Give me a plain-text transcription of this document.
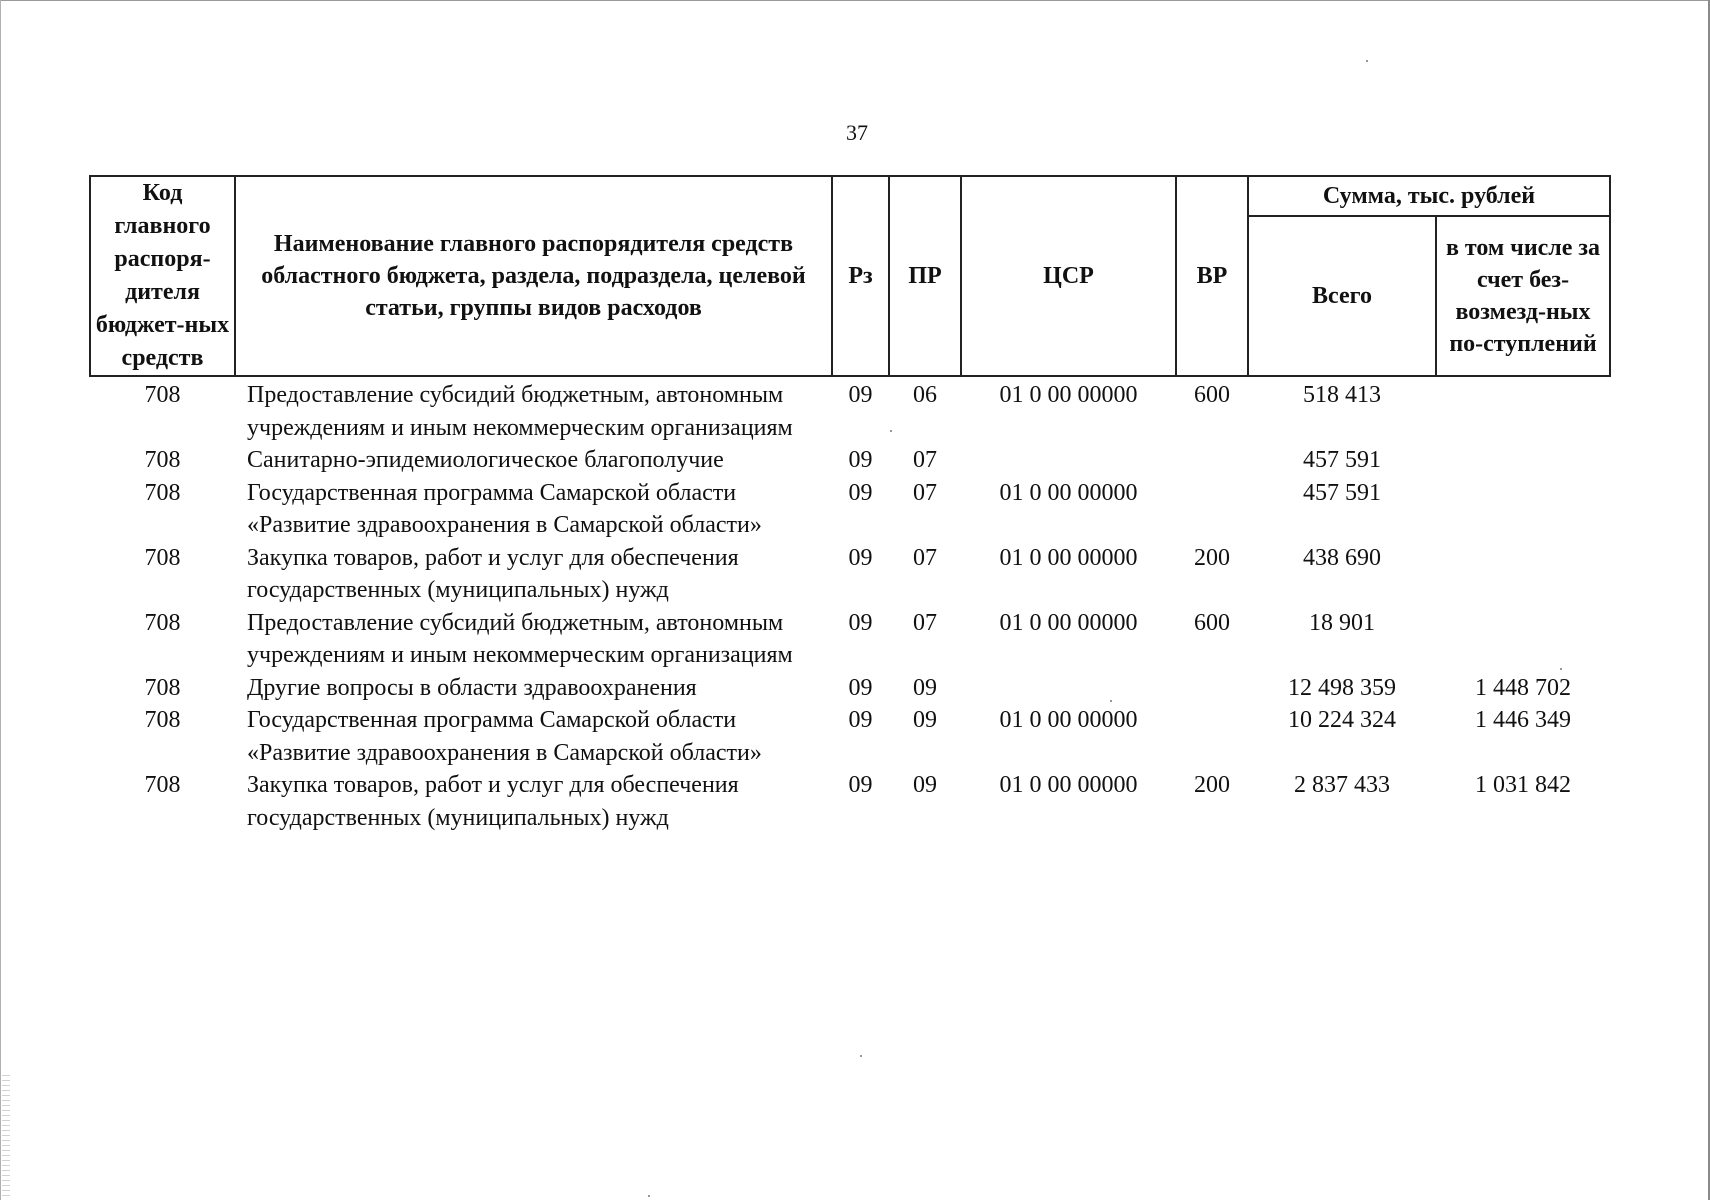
37
Код главного распоря-дителя бюджет-ных средств	Наименование главного распорядителя средств областного бюджета, раздела, подраздела, целевой статьи, группы видов расходов	Рз	ПР	ЦСР	ВР	Сумма, тыс. рублей	
						Всего	в том числе за счет без-возмезд-ных по-ступлений
708	Предоставление субсидий бюджетным, автономным учреждениям и иным некоммерческим организациям	09	06	01 0 00 00000	600	518 413	
708	Санитарно-эпидемиологическое благополучие	09	07			457 591	
708	Государственная программа Самарской области «Развитие здравоохранения в Самарской области»	09	07	01 0 00 00000		457 591	
708	Закупка товаров, работ и услуг для обеспечения государственных (муниципальных) нужд	09	07	01 0 00 00000	200	438 690	
708	Предоставление субсидий бюджетным, автономным учреждениям и иным некоммерческим организациям	09	07	01 0 00 00000	600	18 901	
708	Другие вопросы в области здравоохранения	09	09			12 498 359	1 448 702
708	Государственная программа Самарской области «Развитие здравоохранения в Самарской области»	09	09	01 0 00 00000		10 224 324	1 446 349
708	Закупка товаров, работ и услуг для обеспечения государственных (муниципальных) нужд	09	09	01 0 00 00000	200	2 837 433	1 031 842
